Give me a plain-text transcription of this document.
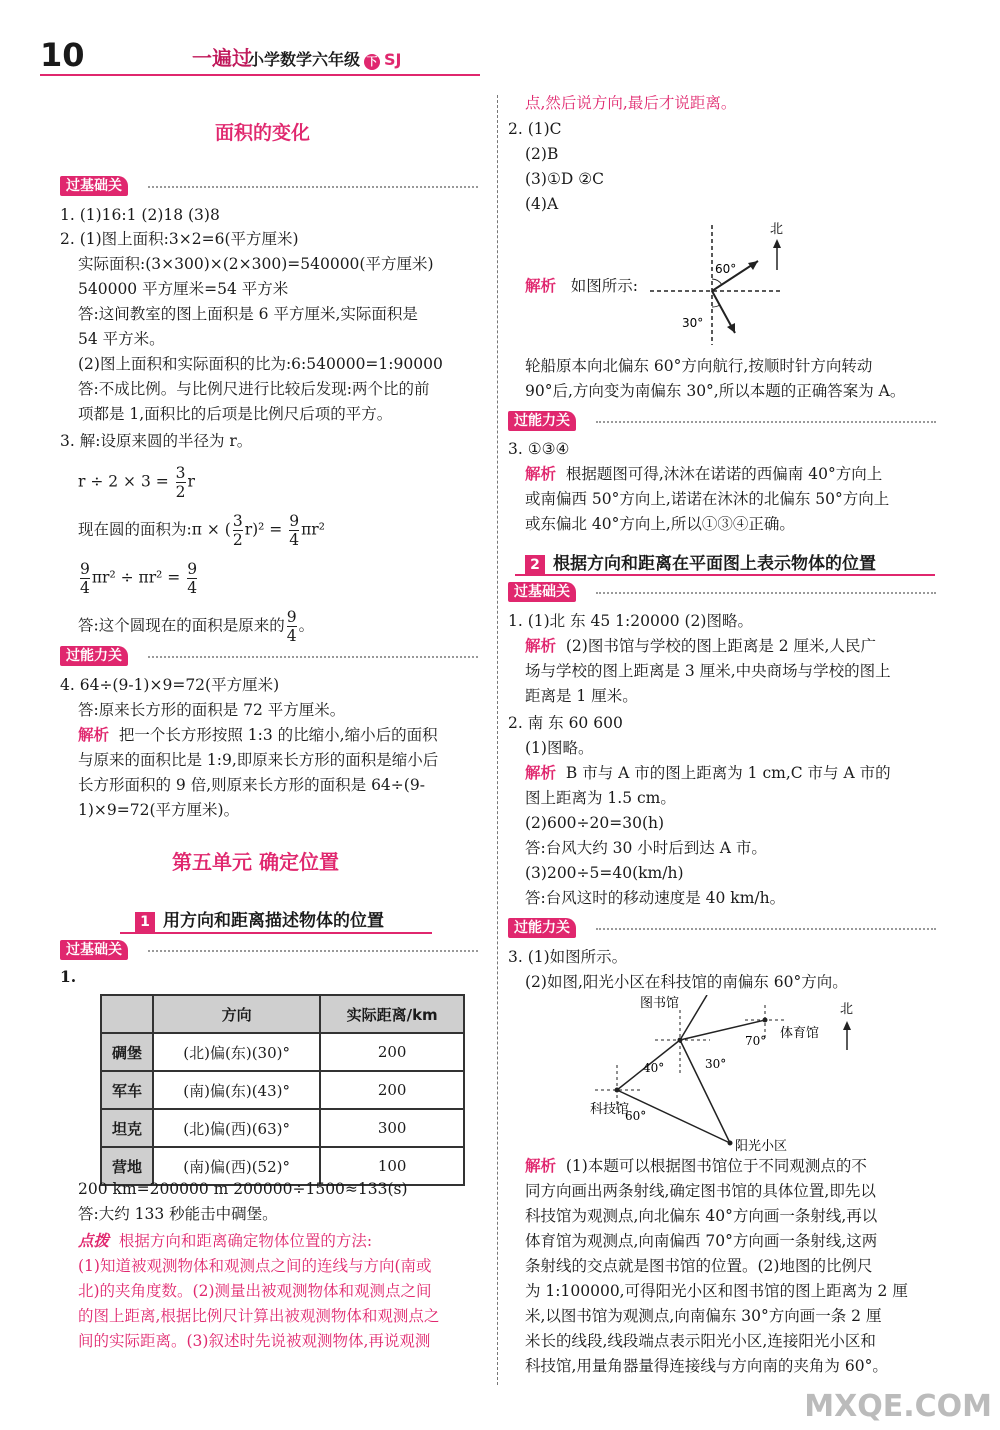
10	一遍过
小学数学六年级 下 SJ
面积的变化
过基础关
1. (1)16:1 (2)18 (3)8
2. (1)图上面积:3×2=6(平方厘米)
实际面积:(3×300)×(2×300)=540000(平方厘米)
540000 平方厘米=54 平方米
答:这间教室的图上面积是 6 平方厘米,实际面积是
54 平方米。
(2)图上面积和实际面积的比为:6:540000=1:90000
答:不成比例。与比例尺进行比较后发现:两个比的前
项都是 1,面积比的后项是比例尺后项的平方。
3. 解:设原来圆的半径为 r。
$r \div 2 \times 3 = \frac{3}{2}$ r
现在圆的面积为:π × ( $\frac{3}{2} r)^2 = \frac{9}{4} \pi r^2$
$\frac{9}{4} \pi r^2 \div \pi r^2 = \frac{9}{4}$
答:这个圆现在的面积是原来的 $\frac{9}{4}$ 。
过能力关
4. 64÷(9-1)×9=72(平方厘米)
答:原来长方形的面积是 72 平方厘米。
解析 把一个长方形按照 1:3 的比缩小,缩小后的面积
与原来的面积比是 1:9,即原来长方形的面积是缩小后
长方形面积的 9 倍,则原来长方形的面积是 64÷(9-
1)×9=72(平方厘米)。
第五单元 确定位置
1 用方向和距离描述物体的位置
过基础关
1.
	方向	实际距离/km
碉堡	(北)偏(东)(30)°	200
军车	(南)偏(东)(43)°	200
坦克	(北)偏(西)(63)°	300
营地	(南)偏(西)(52)°	100
200 km=200000 m 200000÷1500≈133(s)
答:大约 133 秒能击中碉堡。
点拨 根据方向和距离确定物体位置的方法:
(1)知道被观测物体和观测点之间的连线与方向(南或
北)的夹角度数。(2)测量出被观测物体和观测点之间
的图上距离,根据比例尺计算出被观测物体和观测点之
间的实际距离。(3)叙述时先说被观测物体,再说观测
点,然后说方向,最后才说距离。
2. (1)C
(2)B
(3)①D ②C
(4)A
解析 如图所示:
60°
30°
北
轮船原本向北偏东 60°方向航行,按顺时针方向转动
90°后,方向变为南偏东 30°,所以本题的正确答案为 A。
过能力关
3. ①③④
解析 根据题图可得,沐沐在诺诺的西偏南 40°方向上
或南偏西 50°方向上,诺诺在沐沐的北偏东 50°方向上
或东偏北 40°方向上,所以①③④正确。
2 根据方向和距离在平面图上表示物体的位置
过基础关
1. (1)北 东 45 1:20000 (2)图略。
解析 (2)图书馆与学校的图上距离是 2 厘米,人民广
场与学校的图上距离是 3 厘米,中央商场与学校的图上
距离是 1 厘米。
2. 南 东 60 600
(1)图略。
解析 B 市与 A 市的图上距离为 1 cm,C 市与 A 市的
图上距离为 1.5 cm。
(2)600÷20=30(h)
答:台风大约 30 小时后到达 A 市。
(3)200÷5=40(km/h)
答:台风这时的移动速度是 40 km/h。
过能力关
3. (1)如图所示。
(2)如图,阳光小区在科技馆的南偏东 60°方向。
图书馆
体育馆
科技馆
阳光小区
70°
40°	30°
60°
北
解析 (1)本题可以根据图书馆位于不同观测点的不
同方向画出两条射线,确定图书馆的具体位置,即先以
科技馆为观测点,向北偏东 40°方向画一条射线,再以
体育馆为观测点,向南偏西 70°方向画一条射线,这两
条射线的交点就是图书馆的位置。(2)地图的比例尺
为 1:100000,可得阳光小区和图书馆的图上距离为 2 厘
米,以图书馆为观测点,向南偏东 30°方向画一条 2 厘
米长的线段,线段端点表示阳光小区,连接阳光小区和
科技馆,用量角器量得连接线与方向南的夹角为 60°。
MXQE.COM
